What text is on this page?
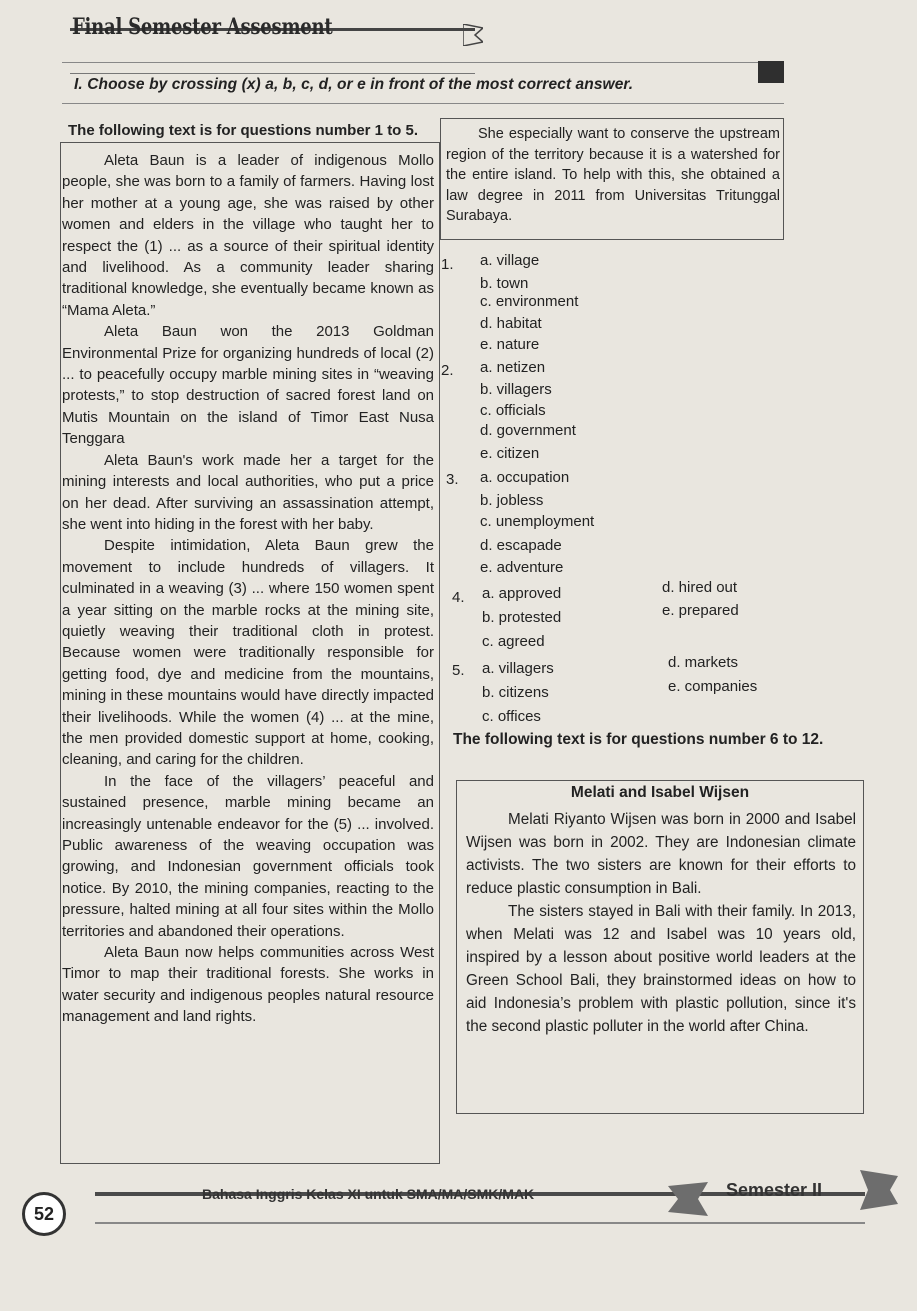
Final Semester Assesment
I. Choose by crossing (x) a, b, c, d, or e in front of the most correct answer.
The following text is for questions number 1 to 5.

Aleta Baun is a leader of indigenous Mollo people, she was born to a family of farmers. Having lost her mother at a young age, she was raised by other women and elders in the village who taught her to respect the (1) ... as a source of their spiritual identity and livelihood. As a community leader sharing traditional knowledge, she eventually became known as “Mama Aleta.”

Aleta Baun won the 2013 Goldman Environmental Prize for organizing hundreds of local (2) ... to peacefully occupy marble mining sites in “weaving protests,” to stop destruction of sacred forest land on Mutis Mountain on the island of Timor East Nusa Tenggara

Aleta Baun's work made her a target for the mining interests and local authorities, who put a price on her dead. After surviving an assassination attempt, she went into hiding in the forest with her baby.

Despite intimidation, Aleta Baun grew the movement to include hundreds of villagers. It culminated in a weaving (3) ... where 150 women spent a year sitting on the marble rocks at the mining site, quietly weaving their traditional cloth in protest. Because women were traditionally responsible for getting food, dye and medicine from the mountains, mining in these mountains would have directly impacted their livelihoods. While the women (4) ... at the mine, the men provided domestic support at home, cooking, cleaning, and caring for the children.

In the face of the villagers’ peaceful and sustained presence, marble mining became an increasingly untenable endeavor for the (5) ... involved. Public awareness of the weaving occupation was growing, and Indonesian government officials took notice. By 2010, the mining companies, reacting to the pressure, halted mining at all four sites within the Mollo territories and abandoned their operations.

Aleta Baun now helps communities across West Timor to map their traditional forests. She works in water security and indigenous peoples natural resource management and land rights.

She especially want to conserve the upstream region of the territory because it is a watershed for the entire island. To help with this, she obtained a law degree in 2011 from Universitas Tritunggal Surabaya.

1. a. village
b. town
c. environment
d. habitat
e. nature
2. a. netizen
b. villagers
c. officials
d. government
e. citizen
3. a. occupation
b. jobless
c. unemployment
d. escapade
e. adventure
4. a. approved
b. protested
c. agreed
d. hired out
e. prepared
5. a. villagers
b. citizens
c. offices
d. markets
e. companies
The following text is for questions number 6 to 12.
Melati and Isabel Wijsen

Melati Riyanto Wijsen was born in 2000 and Isabel Wijsen was born in 2002. They are Indonesian climate activists. The two sisters are known for their efforts to reduce plastic consumption in Bali.

The sisters stayed in Bali with their family. In 2013, when Melati was 12 and Isabel was 10 years old, inspired by a lesson about positive world leaders at the Green School Bali, they brainstormed ideas on how to aid Indonesia’s problem with plastic pollution, since it's the second plastic polluter in the world after China.

52
Bahasa Inggris Kelas XI untuk SMA/MA/SMK/MAK	Semester II
